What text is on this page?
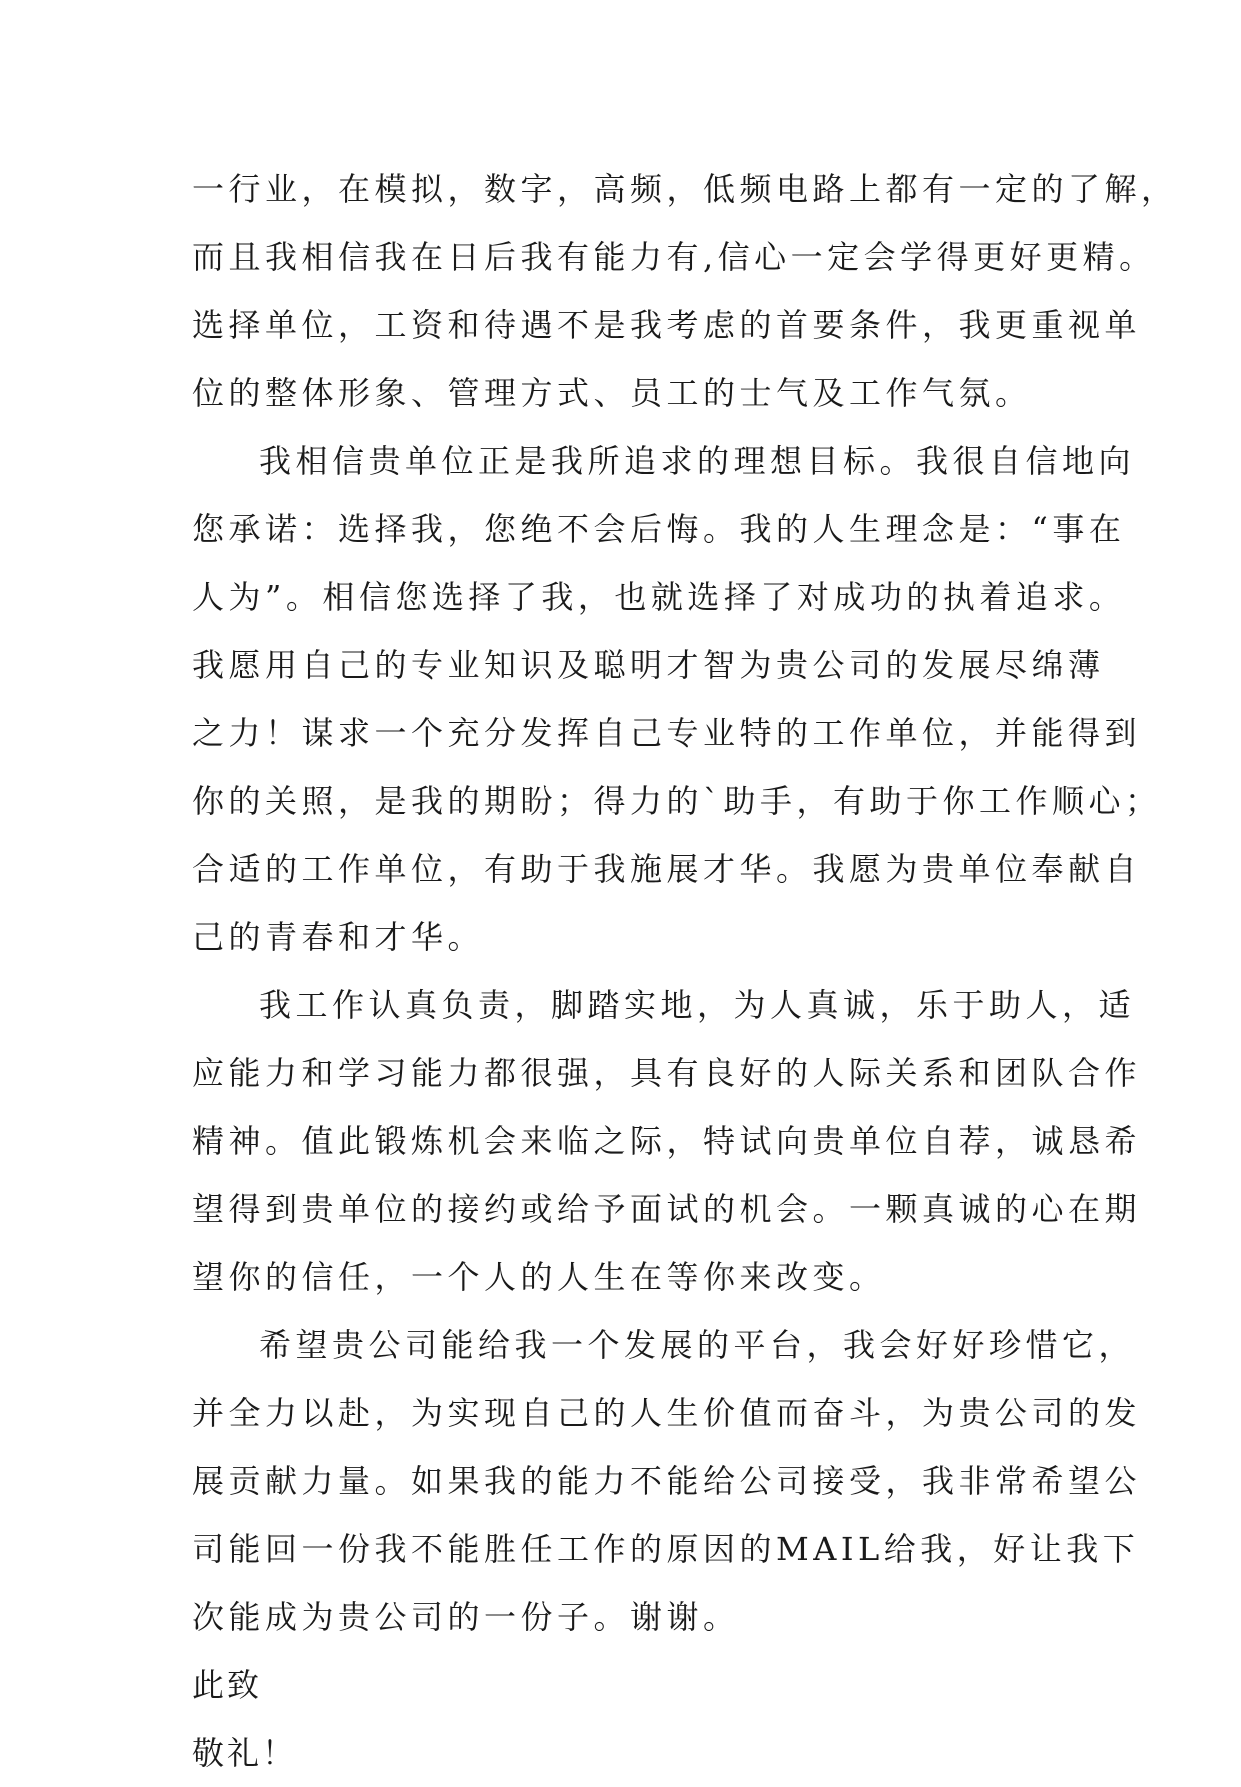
一行业，在模拟，数字，高频，低频电路上都有一定的了解，
而且我相信我在日后我有能力有,信心一定会学得更好更精。
选择单位，工资和待遇不是我考虑的首要条件，我更重视单
位的整体形象、管理方式、员工的士气及工作气氛。
我相信贵单位正是我所追求的理想目标。我很自信地向
您承诺：选择我，您绝不会后悔。我的人生理念是：“事在
人为”。相信您选择了我，也就选择了对成功的执着追求。
我愿用自己的专业知识及聪明才智为贵公司的发展尽绵薄
之力！谋求一个充分发挥自己专业特的工作单位，并能得到
你的关照，是我的期盼；得力的`助手，有助于你工作顺心；
合适的工作单位，有助于我施展才华。我愿为贵单位奉献自
己的青春和才华。
我工作认真负责，脚踏实地，为人真诚，乐于助人，适
应能力和学习能力都很强，具有良好的人际关系和团队合作
精神。值此锻炼机会来临之际，特试向贵单位自荐，诚恳希
望得到贵单位的接约或给予面试的机会。一颗真诚的心在期
望你的信任，一个人的人生在等你来改变。
希望贵公司能给我一个发展的平台，我会好好珍惜它，
并全力以赴，为实现自己的人生价值而奋斗，为贵公司的发
展贡献力量。如果我的能力不能给公司接受，我非常希望公
司能回一份我不能胜任工作的原因的MAIL给我，好让我下
次能成为贵公司的一份子。谢谢。
此致
敬礼！
